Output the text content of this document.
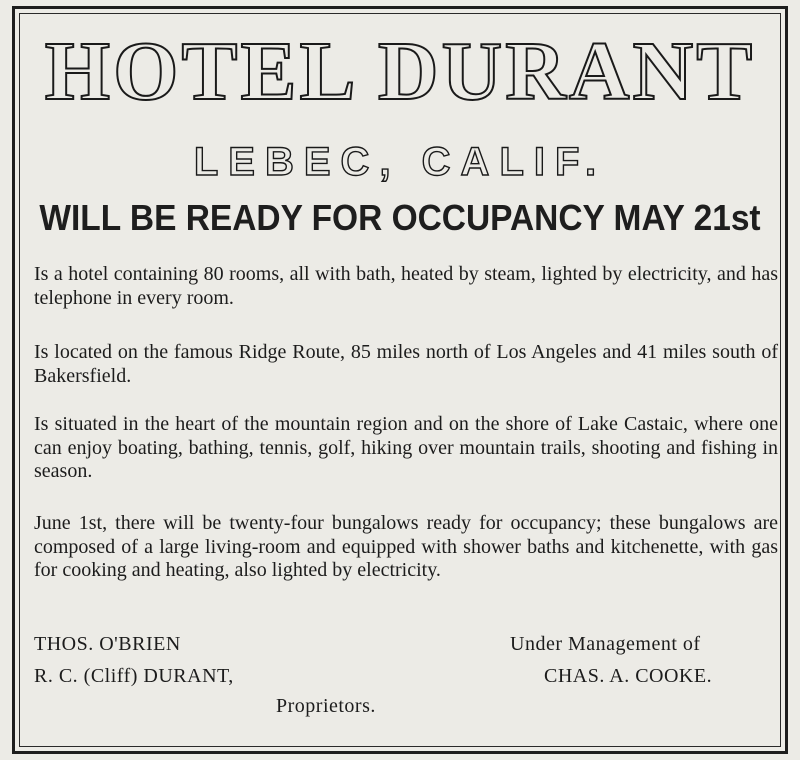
HOTEL DURANT
LEBEC, CALIF.
WILL BE READY FOR OCCUPANCY MAY 21st

Is a hotel containing 80 rooms, all with bath, heated by steam, lighted by electricity, and has telephone in every room.

Is located on the famous Ridge Route, 85 miles north of Los Angeles and 41 miles south of Bakersfield.

Is situated in the heart of the mountain region and on the shore of Lake Castaic, where one can enjoy boating, bathing, tennis, golf, hiking over mountain trails, shooting and fishing in season.

June 1st, there will be twenty-four bungalows ready for occupancy; these bungalows are composed of a large living-room and equipped with shower baths and kitchenette, with gas for cooking and heating, also lighted by electricity.

THOS. O'BRIEN
R. C. (Cliff) DURANT,
Proprietors.
Under Management of
CHAS. A. COOKE.
